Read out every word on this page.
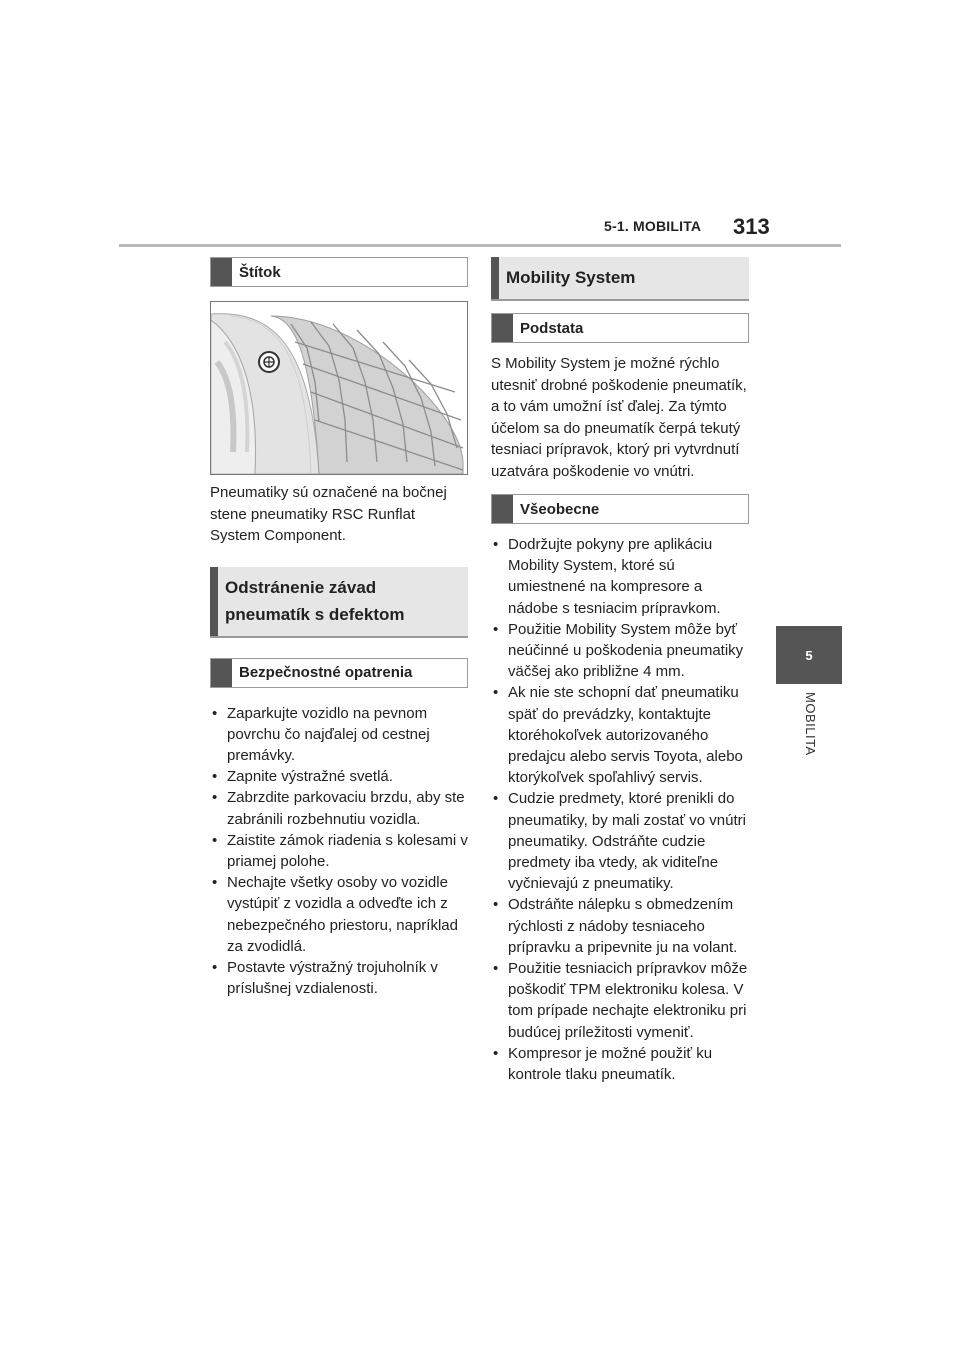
5-1. MOBILITA 313
5
MOBILITA
Štítok
Pneumatiky sú označené na bočnej stene pneumatiky RSC Runflat System Component.
Odstránenie závad pneumatík s defektom
Bezpečnostné opatrenia
• Zaparkujte vozidlo na pevnom povrchu čo najďalej od cestnej premávky.
• Zapnite výstražné svetlá.
• Zabrzdite parkovaciu brzdu, aby ste zabránili rozbehnutiu vozidla.
• Zaistite zámok riadenia s kolesami v priamej polohe.
• Nechajte všetky osoby vo vozidle vystúpiť z vozidla a odveďte ich z nebezpečného priestoru, napríklad za zvodidlá.
• Postavte výstražný trojuholník v príslušnej vzdialenosti.
Mobility System
Podstata
S Mobility System je možné rýchlo utesniť drobné poškodenie pneumatík, a to vám umožní ísť ďalej. Za týmto účelom sa do pneumatík čerpá tekutý tesniaci prípravok, ktorý pri vytvrdnutí uzatvára poškodenie vo vnútri.
Všeobecne
• Dodržujte pokyny pre aplikáciu Mobility System, ktoré sú umiestnené na kompresore a nádobe s tesniacim prípravkom.
• Použitie Mobility System môže byť neúčinné u poškodenia pneumatiky väčšej ako približne 4 mm.
• Ak nie ste schopní dať pneumatiku späť do prevádzky, kontaktujte ktoréhokoľvek autorizovaného predajcu alebo servis Toyota, alebo ktorýkoľvek spoľahlivý servis.
• Cudzie predmety, ktoré prenikli do pneumatiky, by mali zostať vo vnútri pneumatiky. Odstráňte cudzie predmety iba vtedy, ak viditeľne vyčnievajú z pneumatiky.
• Odstráňte nálepku s obmedzením rýchlosti z nádoby tesniaceho prípravku a pripevnite ju na volant.
• Použitie tesniacich prípravkov môže poškodiť TPM elektroniku kolesa. V tom prípade nechajte elektroniku pri budúcej príležitosti vymeniť.
• Kompresor je možné použiť ku kontrole tlaku pneumatík.
